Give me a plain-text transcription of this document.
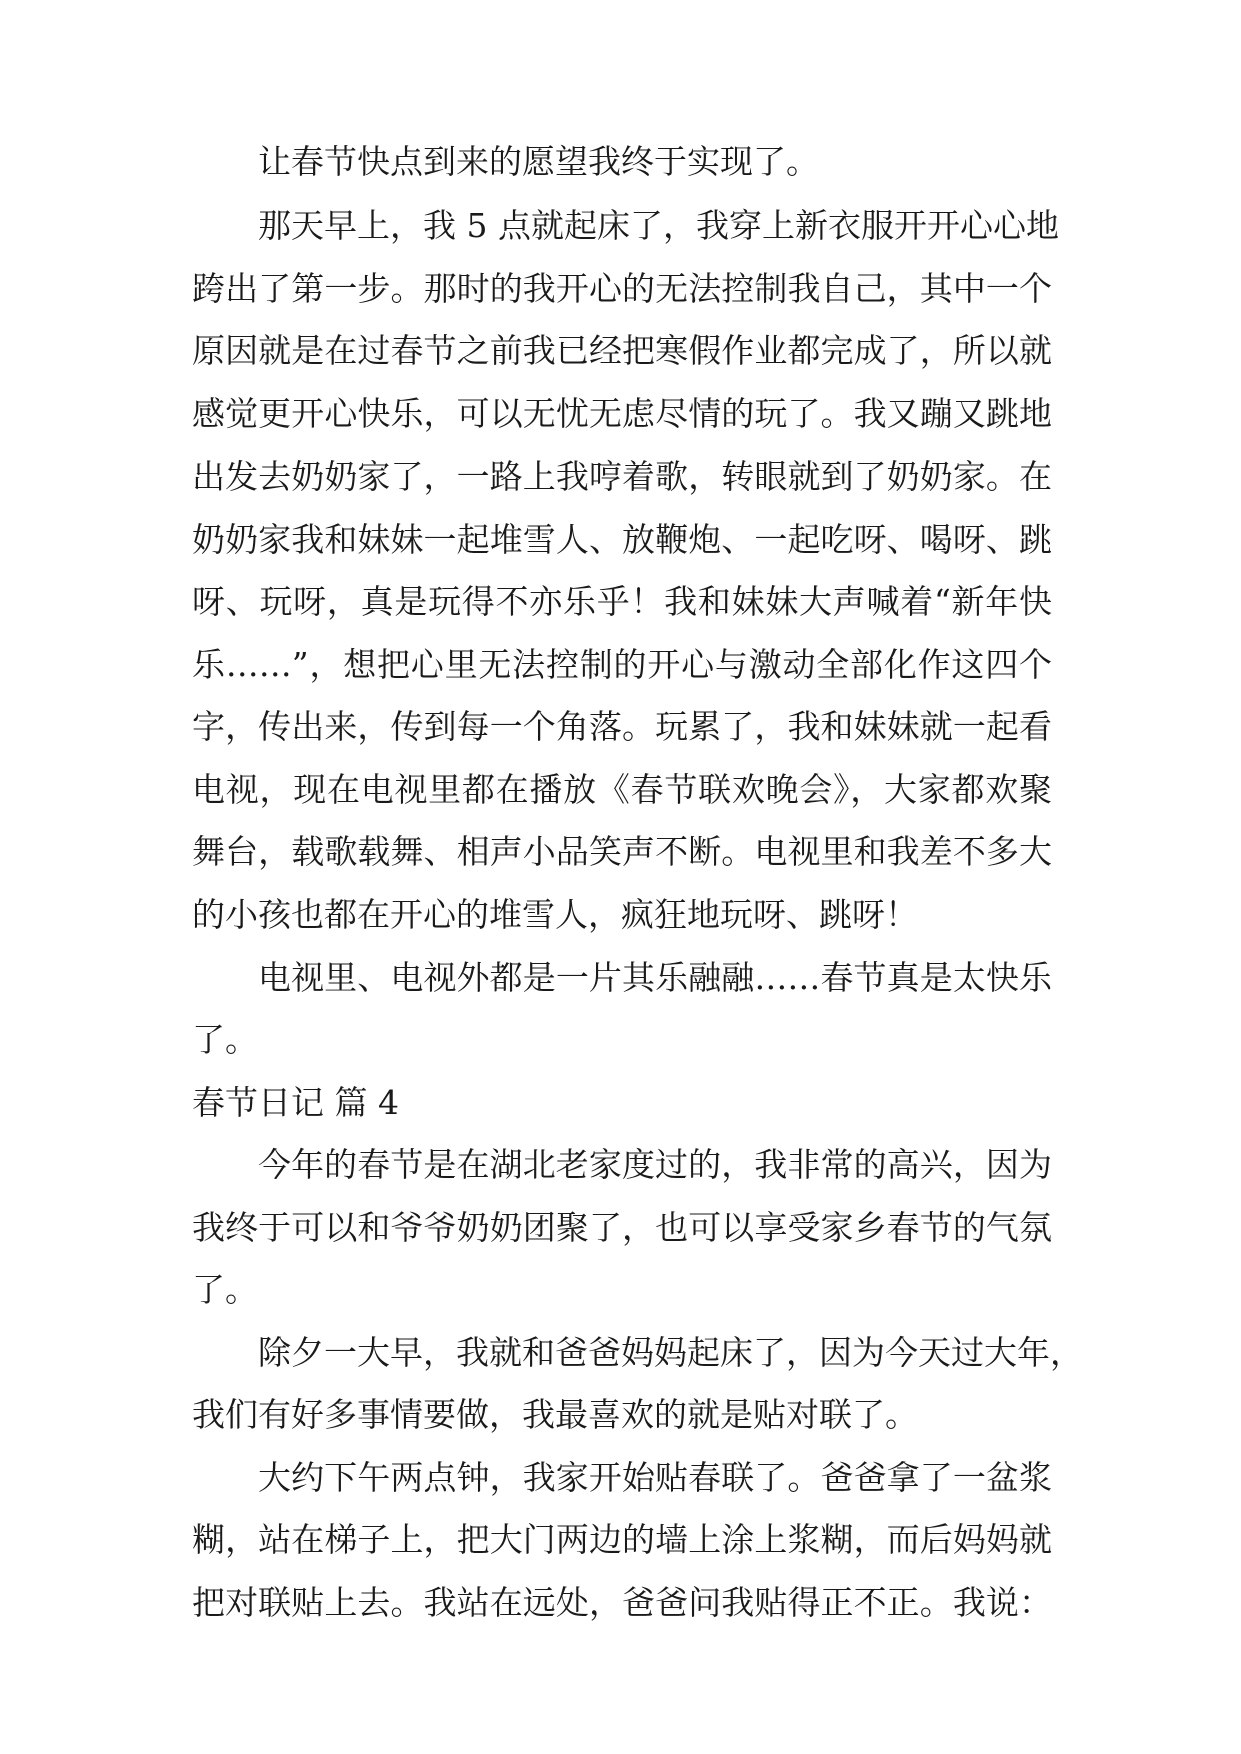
让春节快点到来的愿望我终于实现了。

那天早上，我 5 点就起床了，我穿上新衣服开开心心地

跨出了第一步。那时的我开心的无法控制我自己，其中一个

原因就是在过春节之前我已经把寒假作业都完成了，所以就

感觉更开心快乐，可以无忧无虑尽情的玩了。我又蹦又跳地

出发去奶奶家了，一路上我哼着歌，转眼就到了奶奶家。在

奶奶家我和妹妹一起堆雪人、放鞭炮、一起吃呀、喝呀、跳

呀、玩呀，真是玩得不亦乐乎！我和妹妹大声喊着“新年快

乐……”，想把心里无法控制的开心与激动全部化作这四个

字，传出来，传到每一个角落。玩累了，我和妹妹就一起看

电视，现在电视里都在播放《春节联欢晚会》，大家都欢聚

舞台，载歌载舞、相声小品笑声不断。电视里和我差不多大

的小孩也都在开心的堆雪人，疯狂地玩呀、跳呀！

电视里、电视外都是一片其乐融融……春节真是太快乐

了。

春节日记 篇 4

今年的春节是在湖北老家度过的，我非常的高兴，因为

我终于可以和爷爷奶奶团聚了，也可以享受家乡春节的气氛

了。

除夕一大早，我就和爸爸妈妈起床了，因为今天过大年，

我们有好多事情要做，我最喜欢的就是贴对联了。

大约下午两点钟，我家开始贴春联了。爸爸拿了一盆浆

糊，站在梯子上，把大门两边的墙上涂上浆糊，而后妈妈就

把对联贴上去。我站在远处，爸爸问我贴得正不正。我说：
